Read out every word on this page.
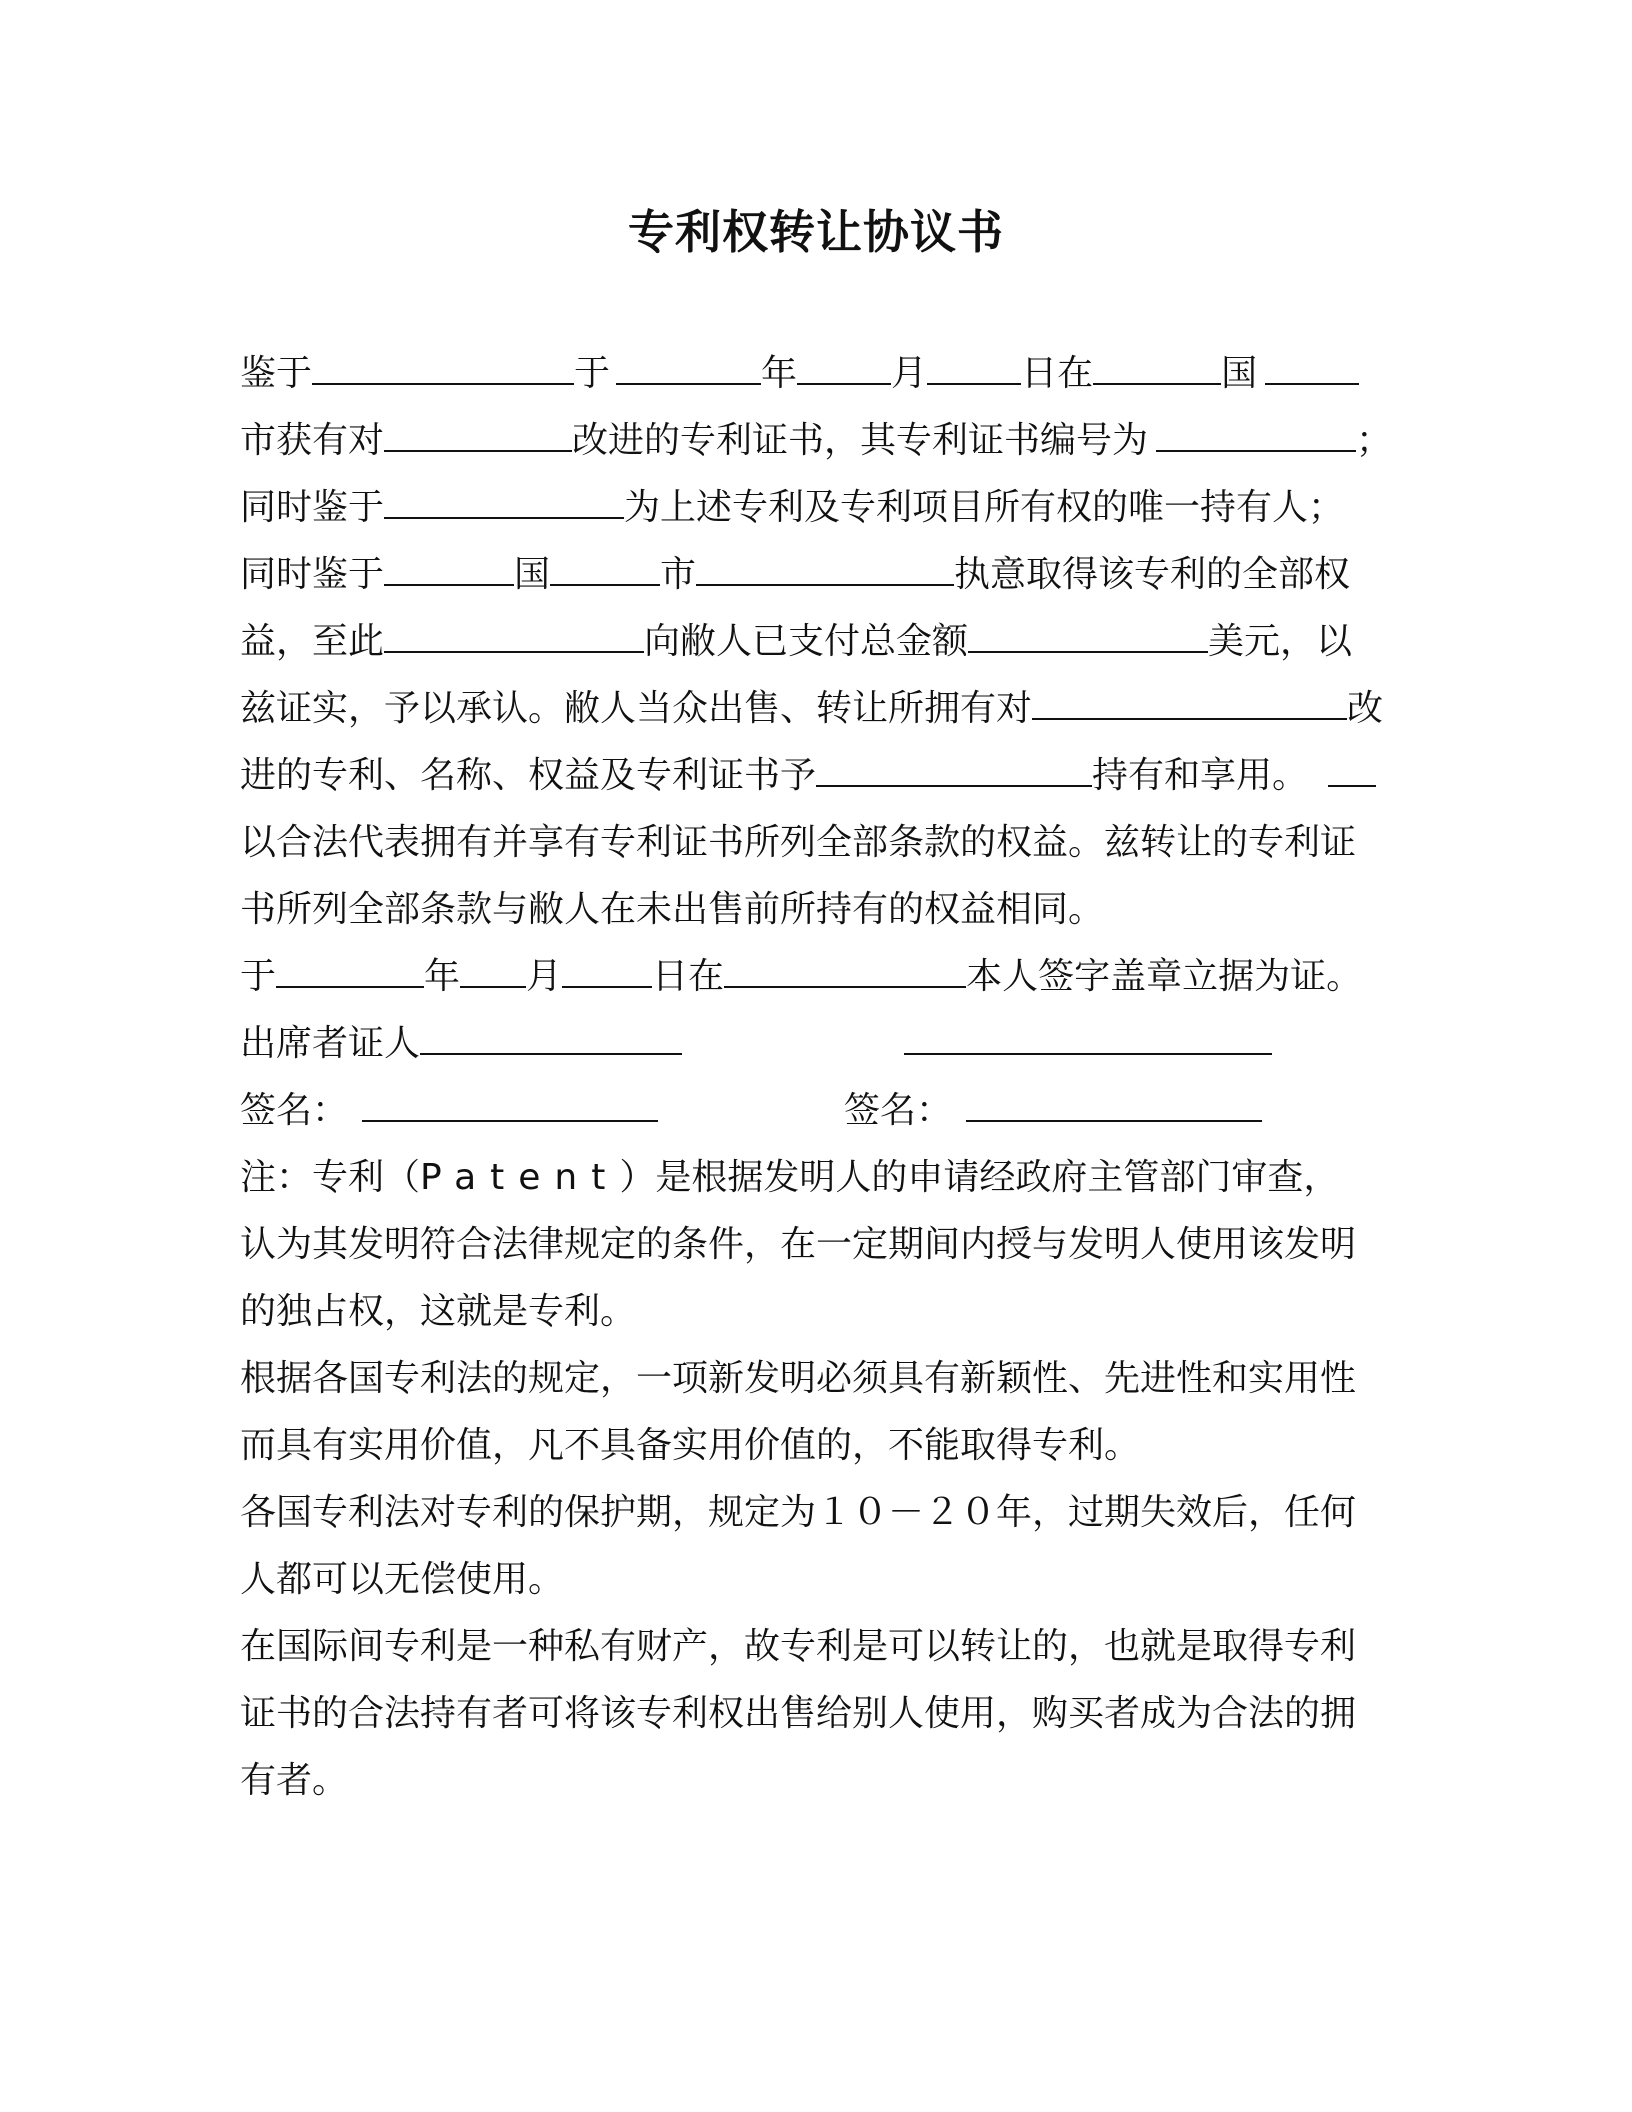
专利权转让协议书
鉴于	于	年	月	日在	国
市获有对	改进的专利证书，其专利证书编号为	；
同时鉴于	为上述专利及专利项目所有权的唯一持有人；
同时鉴于	国	市	执意取得该专利的全部权
益，至此	向敝人已支付总金额	美元，以
兹证实，予以承认。敝人当众出售、转让所拥有对	改
进的专利、名称、权益及专利证书予	持有和享用。
以合法代表拥有并享有专利证书所列全部条款的权益。兹转让的专利证
书所列全部条款与敝人在未出售前所持有的权益相同。
于	年 月	日在	本人签字盖章立据为证。
出席者证人
签名：	签名：
注：专利（Patent）是根据发明人的申请经政府主管部门审查，
认为其发明符合法律规定的条件，在一定期间内授与发明人使用该发明
的独占权，这就是专利。
根据各国专利法的规定，一项新发明必须具有新颖性、先进性和实用性
而具有实用价值，凡不具备实用价值的，不能取得专利。
各国专利法对专利的保护期，规定为１０－２０年，过期失效后，任何
人都可以无偿使用。
在国际间专利是一种私有财产，故专利是可以转让的，也就是取得专利
证书的合法持有者可将该专利权出售给别人使用，购买者成为合法的拥
有者。
